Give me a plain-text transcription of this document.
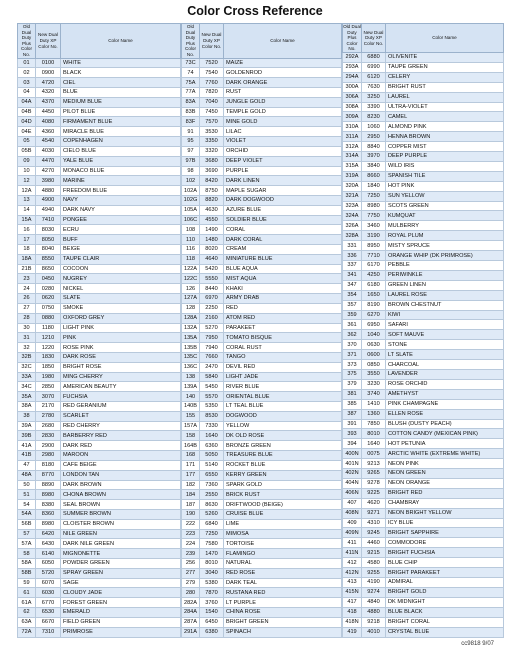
Color Cross Reference
Old Dual
Duty Plus
Color No.	New Dual
Duty XP
Color No.	Color Name
01	0100	WHITE
02	0900	BLACK
03	4720	CIEL
04	4320	BLUE
04A	4370	MEDIUM BLUE
04B	4450	PILOT BLUE
04D	4080	FIRMAMENT BLUE
04E	4360	MIRACLE BLUE
05	4540	COPENHAGEN
05B	4030	CIELO BLUE
09	4470	YALE BLUE
10	4270	MONACO BLUE
12	3980	MARINE
12A	4880	FREEDOM BLUE
13	4900	NAVY
14	4940	DARK NAVY
15A	7410	PONGEE
16	8030	ECRU
17	8050	BUFF
18	8040	BEIGE
18A	8550	TAUPE CLAIR
21B	8650	COCOON
23	0450	NUGREY
24	0280	NICKEL
26	0620	SLATE
27	0750	SMOKE
28	0880	OXFORD GREY
30	1180	LIGHT PINK
31	1210	PINK
32	1220	ROSE PINK
32B	1830	DARK ROSE
32C	1850	BRIGHT ROSE
33A	1980	MING CHERRY
34C	2850	AMERICAN BEAUTY
35A	3070	FUCHSIA
38A	2170	RED GERANIUM
38	2780	SCARLET
39A	2680	RED CHERRY
39B	2830	BARBERRY RED
41A	2900	DARK RED
41B	2980	MAROON
47	8180	CAFE BEIGE
48A	8770	LONDON TAN
50	8890	DARK BROWN
51	8980	CHONA BROWN
54	8380	SEAL BROWN
54A	8360	SUMMER BROWN
56B	8980	CLOISTER BROWN
57	6420	NILE GREEN
57A	6430	DARK NILE GREEN
58	6140	MIGNONETTE
58A	6050	POWDER GREEN
58B	5720	SPRAY GREEN
59	6070	SAGE
61	6030	CLOUDY JADE
61A	6770	FOREST GREEN
62	6530	EMERALD
63A	6670	FIELD GREEN
72A	7310	PRIMROSE
Old Dual
Duty Plus
Color No.	New Dual
Duty XP
Color No.	Color Name
73C	7520	MAIZE
74	7540	GOLDENROD
75A	7760	DARK ORANGE
77A	7820	RUST
83A	7040	JUNGLE GOLD
83B	7450	TEMPLE GOLD
83F	7570	MINE GOLD
91	3530	LILAC
95	3350	VIOLET
97	3320	ORCHID
97B	3680	DEEP VIOLET
98	3690	PURPLE
102	8420	DARK LINEN
102A	8750	MAPLE SUGAR
102G	8820	DARK DOGWOOD
105A	4630	AZURE BLUE
106C	4550	SOLDIER BLUE
108	1490	CORAL
110	1480	DARK CORAL
116	8020	CREAM
118	4640	MINIATURE BLUE
122A	5420	BLUE AQUA
122C	5550	MIST AQUA
126	8440	KHAKI
127A	6970	ARMY DRAB
128	2250	RED
128A	2160	ATOM RED
132A	5270	PARAKEET
135A	7950	TOMATO BISQUE
135B	7940	CORAL RUST
135C	7660	TANGO
136C	2470	DEVIL RED
138	5840	LIGHT JADE
139A	5450	RIVER BLUE
140	5570	ORIENTAL BLUE
140B	5350	LT TEAL BLUE
155	8530	DOGWOOD
157A	7330	YELLOW
158	1640	DK OLD ROSE
164B	6360	BRONZE GREEN
168	5050	TREASURE BLUE
171	5140	ROCKET BLUE
177	6550	KERRY GREEN
182	7360	SPARK GOLD
184	2550	BRICK RUST
187	8630	DRIFTWOOD (BEIGE)
190	5260	CRUISE BLUE
222	6840	LIME
223	7250	MIMOSA
224	7580	TORTOISE
239	1470	FLAMINGO
256	8010	NATURAL
277	3040	RED ROSE
279	5380	DARK TEAL
280	7870	RUSTANA RED
282A	3760	LT PURPLE
284A	1540	CHINA ROSE
287A	6450	BRIGHT GREEN
291A	6380	SPINACH
Old Dual
Duty Plus
Color No.	New Dual
Duty XP
Color No.	Color Name
292A	6880	OLIVENITE
293A	6990	TAUPE GREEN
294A	6120	CELERY
300A	7630	BRIGHT RUST
306A	3250	LAUREL
308A	3390	ULTRA-VIOLET
309A	8230	CAMEL
310A	1060	ALMOND PINK
311A	2950	HENNA BROWN
312A	8840	COPPER MIST
314A	3970	DEEP PURPLE
315A	3840	WILD IRIS
319A	8660	SPANISH TILE
320A	1840	HOT PINK
321A	7250	SUN YELLOW
323A	8980	SCOTS GREEN
324A	7750	KUMQUAT
326A	3460	MULBERRY
328A	3190	ROYAL PLUM
331	8950	MISTY SPRUCE
336	7710	ORANGE WHIP (DK PRIMROSE)
337	6170	PEBBLE
341	4250	PERIWINKLE
347	6180	GREEN LINEN
354	1650	LAUREL ROSE
357	8190	BROWN CHESTNUT
359	6270	KIWI
361	6950	SAFARI
362	1040	SOFT MAUVE
370	0630	STONE
371	0600	LT SLATE
373	0850	CHARCOAL
375	3550	LAVENDER
379	3230	ROSE ORCHID
381	3740	AMETHYST
385	1410	PINK CHAMPAGNE
387	1360	ELLEN ROSE
391	7850	BLUSH (DUSTY PEACH)
393	8010	COTTON CANDY (MEXICAN PINK)
394	1640	HOT PETUNIA
400N	0075	ARCTIC WHITE (EXTREME WHITE)
401N	9213	NEON PINK
402N	9265	NEON GREEN
404N	9278	NEON ORANGE
406N	9225	BRIGHT RED
407	4620	CHAMBRAY
408N	9271	NEON BRIGHT YELLOW
409	4310	ICY BLUE
409N	9245	BRIGHT SAPPHIRE
411	4460	COMMODORE
411N	9215	BRIGHT FUCHSIA
412	4580	BLUE CHIP
412N	9255	BRIGHT PARAKEET
413	4190	ADMIRAL
415N	9274	BRIGHT GOLD
417	4840	DK MIDNIGHT
418	4880	BLUE BLACK
418N	9218	BRIGHT CORAL
419	4010	CRYSTAL BLUE
cc9818 9/07
